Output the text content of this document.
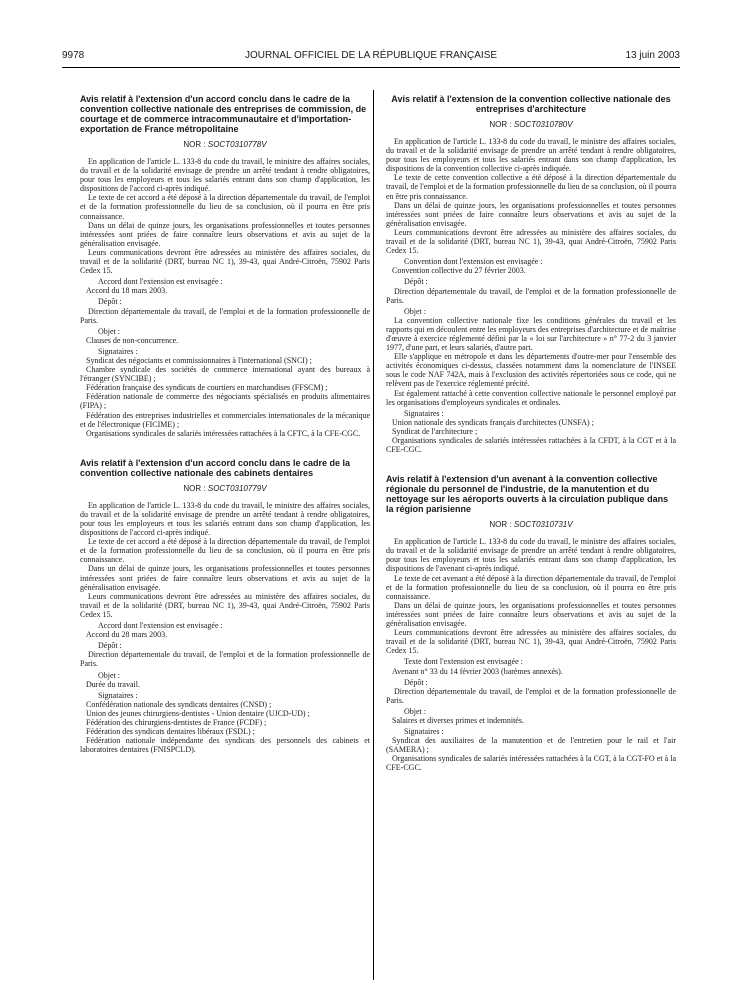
9978	JOURNAL OFFICIEL DE LA RÉPUBLIQUE FRANÇAISE	13 juin 2003
Avis relatif à l'extension d'un accord conclu dans le cadre de la convention collective nationale des entreprises de commission, de courtage et de commerce intracommunautaire et d'importation-exportation de France métropolitaine
NOR : SOCT0310778V

En application de l'article L. 133-8 du code du travail, le ministre des affaires sociales, du travail et de la solidarité envisage de prendre un arrêté tendant à rendre obligatoires, pour tous les employeurs et tous les salariés entrant dans son champ d'application, les dispositions de l'accord ci-après indiqué.

Le texte de cet accord a été déposé à la direction départementale du travail, de l'emploi et de la formation professionnelle du lieu de sa conclusion, où il pourra en être pris connaissance.

Dans un délai de quinze jours, les organisations professionnelles et toutes personnes intéressées sont priées de faire connaître leurs observations et avis au sujet de la généralisation envisagée.

Leurs communications devront être adressées au ministère des affaires sociales, du travail et de la solidarité (DRT, bureau NC 1), 39-43, quai André-Citroën, 75902 Paris Cedex 15.

Accord dont l'extension est envisagée :

Accord du 18 mars 2003.

Dépôt :

Direction départementale du travail, de l'emploi et de la formation professionnelle de Paris.

Objet :

Clauses de non-concurrence.

Signataires :

Syndicat des négociants et commissionnaires à l'international (SNCI) ;

Chambre syndicale des sociétés de commerce international ayant des bureaux à l'étranger (SYNCIBE) ;

Fédération française des syndicats de courtiers en marchandises (FFSCM) ;

Fédération nationale de commerce des négociants spécialisés en produits alimentaires (FIPA) ;

Fédération des entreprises industrielles et commerciales internationales de la mécanique et de l'électronique (FICIME) ;

Organisations syndicales de salariés intéressées rattachées à la CFTC, à la CFE-CGC.

Avis relatif à l'extension d'un accord conclu dans le cadre de la convention collective nationale des cabinets dentaires
NOR : SOCT0310779V

En application de l'article L. 133-8 du code du travail, le ministre des affaires sociales, du travail et de la solidarité envisage de prendre un arrêté tendant à rendre obligatoires, pour tous les employeurs et tous les salariés entrant dans son champ d'application, les dispositions de l'accord ci-après indiqué.

Le texte de cet accord a été déposé à la direction départementale du travail, de l'emploi et de la formation professionnelle du lieu de sa conclusion, où il pourra en être pris connaissance.

Dans un délai de quinze jours, les organisations professionnelles et toutes personnes intéressées sont priées de faire connaître leurs observations et avis au sujet de la généralisation envisagée.

Leurs communications devront être adressées au ministère des affaires sociales, du travail et de la solidarité (DRT, bureau NC 1), 39-43, quai André-Citroën, 75902 Paris Cedex 15.

Accord dont l'extension est envisagée :

Accord du 28 mars 2003.

Dépôt :

Direction départementale du travail, de l'emploi et de la formation professionnelle de Paris.

Objet :

Durée du travail.

Signataires :

Confédération nationale des syndicats dentaires (CNSD) ;

Union des jeunes chirurgiens-dentistes - Union dentaire (UJCD-UD) ;

Fédération des chirurgiens-dentistes de France (FCDF) ;

Fédération des syndicats dentaires libéraux (FSDL) ;

Fédération nationale indépendante des syndicats des personnels des cabinets et laboratoires dentaires (FNISPCLD).

Avis relatif à l'extension de la convention collective nationale des entreprises d'architecture
NOR : SOCT0310780V

En application de l'article L. 133-8 du code du travail, le ministre des affaires sociales, du travail et de la solidarité envisage de prendre un arrêté tendant à rendre obligatoires, pour tous les employeurs et tous les salariés entrant dans son champ d'application, les dispositions de la convention collective ci-après indiquée.

Le texte de cette convention collective a été déposé à la direction départementale du travail, de l'emploi et de la formation professionnelle du lieu de sa conclusion, où il pourra en être pris connaissance.

Dans un délai de quinze jours, les organisations professionnelles et toutes personnes intéressées sont priées de faire connaître leurs observations et avis au sujet de la généralisation envisagée.

Leurs communications devront être adressées au ministère des affaires sociales, du travail et de la solidarité (DRT, bureau NC 1), 39-43, quai André-Citroën, 75902 Paris Cedex 15.

Convention dont l'extension est envisagée :

Convention collective du 27 février 2003.

Dépôt :

Direction départementale du travail, de l'emploi et de la formation professionnelle de Paris.

Objet :

La convention collective nationale fixe les conditions générales du travail et les rapports qui en découlent entre les employeurs des entreprises d'architecture et de maîtrise d'œuvre à exercice réglementé défini par la « loi sur l'architecture » n° 77-2 du 3 janvier 1977, d'une part, et leurs salariés, d'autre part.

Elle s'applique en métropole et dans les départements d'outre-mer pour l'ensemble des activités économiques ci-dessus, classées notamment dans la nomenclature de l'INSEE sous le code NAF 742A, mais à l'exclusion des activités répertoriées sous ce code, qui ne relèvent pas de l'exercice réglementé précité.

Est également rattaché à cette convention collective nationale le personnel employé par les organisations d'employeurs syndicales et ordinales.

Signataires :

Union nationale des syndicats français d'architectes (UNSFA) ;

Syndicat de l'architecture ;

Organisations syndicales de salariés intéressées rattachées à la CFDT, à la CGT et à la CFE-CGC.

Avis relatif à l'extension d'un avenant à la convention collective régionale du personnel de l'industrie, de la manutention et du nettoyage sur les aéroports ouverts à la circulation publique dans la région parisienne
NOR : SOCT0310731V

En application de l'article L. 133-8 du code du travail, le ministre des affaires sociales, du travail et de la solidarité envisage de prendre un arrêté tendant à rendre obligatoires, pour tous les employeurs et tous les salariés entrant dans son champ d'application, les dispositions de l'avenant ci-après indiqué.

Le texte de cet avenant a été déposé à la direction départementale du travail, de l'emploi et de la formation professionnelle du lieu de sa conclusion, où il pourra en être pris connaissance.

Dans un délai de quinze jours, les organisations professionnelles et toutes personnes intéressées sont priées de faire connaître leurs observations et avis au sujet de la généralisation envisagée.

Leurs communications devront être adressées au ministère des affaires sociales, du travail et de la solidarité (DRT, bureau NC 1), 39-43, quai André-Citroën, 75902 Paris Cedex 15.

Texte dont l'extension est envisagée :

Avenant n° 33 du 14 février 2003 (barèmes annexés).

Dépôt :

Direction départementale du travail, de l'emploi et de la formation professionnelle de Paris.

Objet :

Salaires et diverses primes et indemnités.

Signataires :

Syndicat des auxiliaires de la manutention et de l'entretien pour le rail et l'air (SAMERA) ;

Organisations syndicales de salariés intéressées rattachées à la CGT, à la CGT-FO et à la CFE-CGC.
